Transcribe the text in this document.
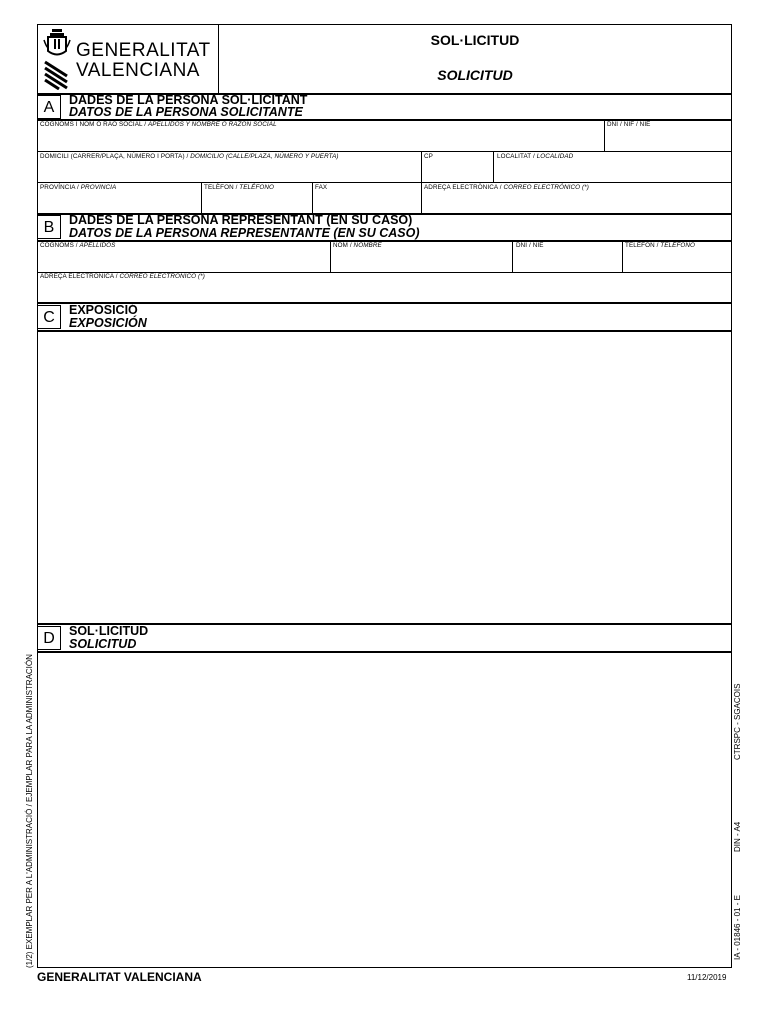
GENERALITAT
VALENCIANA
SOL·LICITUD
SOLICITUD
A	DADES DE LA PERSONA SOL·LICITANT
DATOS DE LA PERSONA SOLICITANTE
COGNOMS I NOM O RAÓ SOCIAL / APELLIDOS Y NOMBRE O RAZÓN SOCIAL	DNI / NIF / NIE
DOMICILI (CARRER/PLAÇA, NÚMERO I PORTA) / DOMICILIO (CALLE/PLAZA, NÚMERO Y PUERTA)	CP	LOCALITAT / LOCALIDAD
PROVÍNCIA / PROVINCIA	TELÈFON / TELÉFONO	FAX	ADREÇA ELECTRÒNICA / CORREO ELECTRÓNICO (*)
B	DADES DE LA PERSONA REPRESENTANT (EN SU CASO)
DATOS DE LA PERSONA REPRESENTANTE (EN SU CASO)
COGNOMS / APELLIDOS	NOM / NOMBRE	DNI / NIE	TELÈFON / TELÉFONO
ADREÇA ELECTRÒNICA / CORREO ELECTRÓNICO (*)
C	EXPOSICIÓ
EXPOSICIÓN
D	SOL·LICITUD
SOLICITUD
GENERALITAT VALENCIANA	11/12/2019
(1/2) EXEMPLAR PER A L'ADMINISTRACIÓ / EJEMPLAR PARA LA ADMINISTRACIÓN	CTRSPC - SGACOIS
DIN - A4
IA - 01846 - 01 - E
